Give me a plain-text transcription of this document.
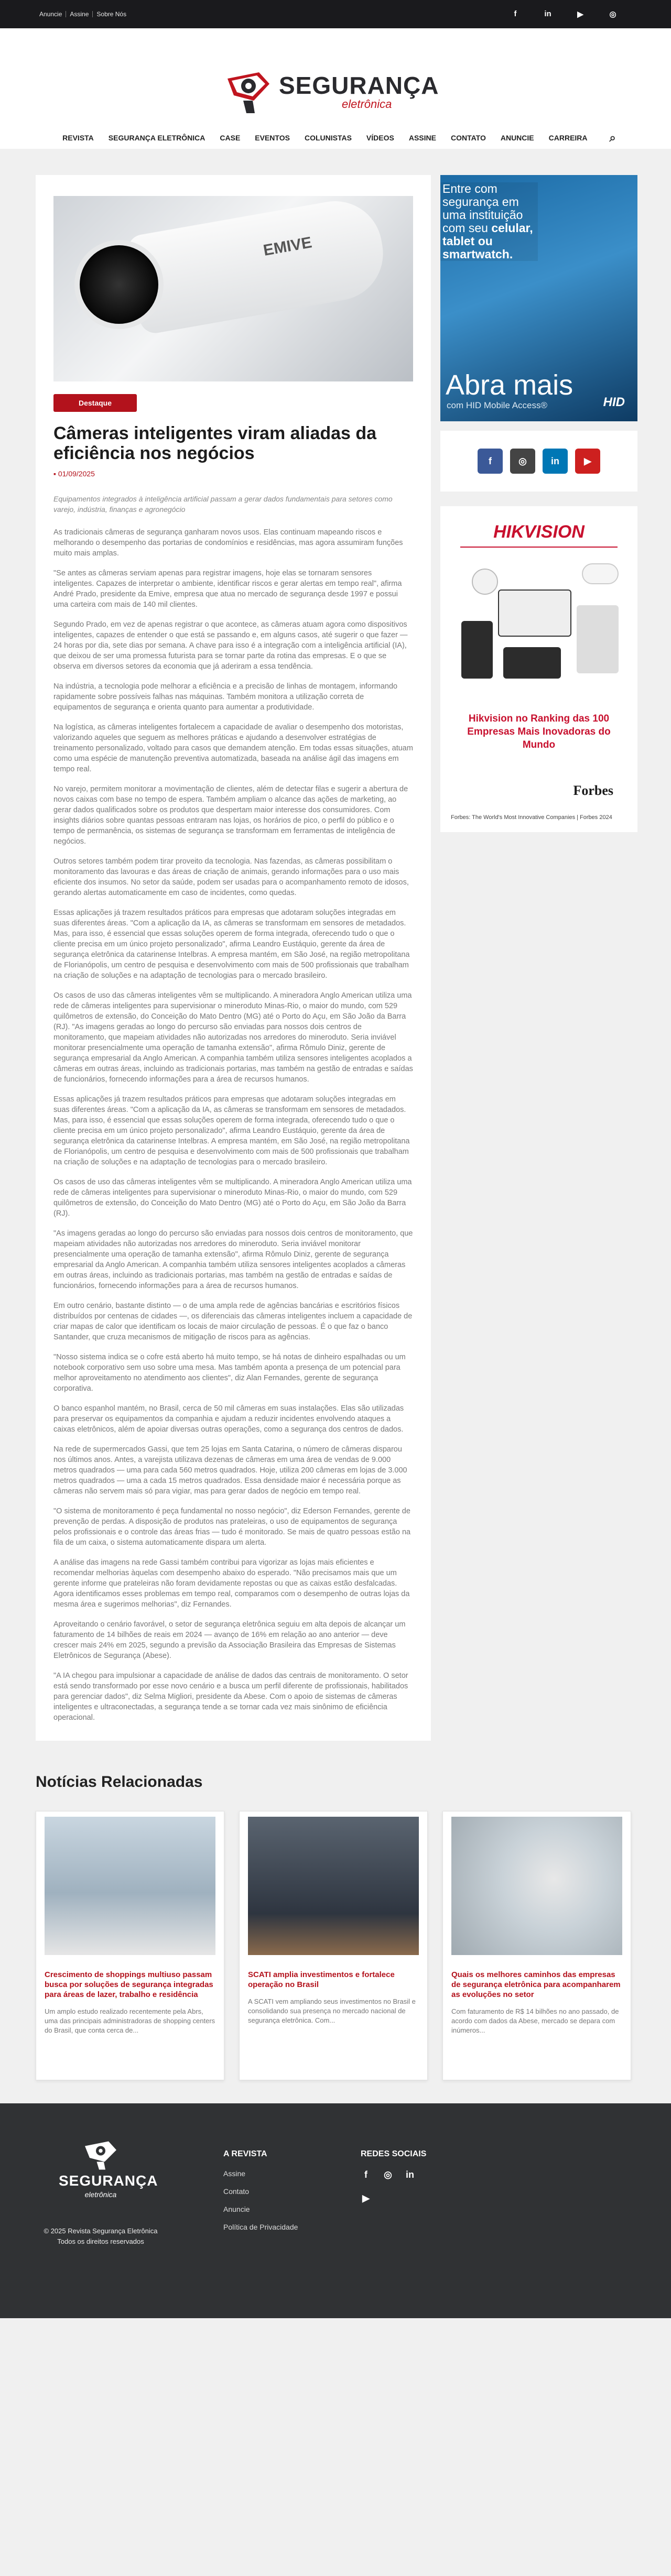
Anuncie	Assine	Sobre Nós	f	in	▶	◎
SEGURANÇA
eletrônica
REVISTA	SEGURANÇA ELETRÔNICA	CASE	EVENTOS	COLUNISTAS	VÍDEOS	ASSINE	CONTATO	ANUNCIE	CARREIRA	⌕
EMIVE
Destaque
Câmeras inteligentes viram aliadas da eficiência nos negócios
▪ 01/09/2025

Equipamentos integrados à inteligência artificial passam a gerar dados fundamentais para setores como varejo, indústria, finanças e agronegócio

As tradicionais câmeras de segurança ganharam novos usos. Elas continuam mapeando riscos e melhorando o desempenho das portarias de condomínios e residências, mas agora assumiram funções muito mais amplas.

"Se antes as câmeras serviam apenas para registrar imagens, hoje elas se tornaram sensores inteligentes. Capazes de interpretar o ambiente, identificar riscos e gerar alertas em tempo real", afirma André Prado, presidente da Emive, empresa que atua no mercado de segurança desde 1997 e possui uma carteira com mais de 140 mil clientes.

Segundo Prado, em vez de apenas registrar o que acontece, as câmeras atuam agora como dispositivos inteligentes, capazes de entender o que está se passando e, em alguns casos, até sugerir o que fazer — 24 horas por dia, sete dias por semana. A chave para isso é a integração com a inteligência artificial (IA), que deixou de ser uma promessa futurista para se tornar parte da rotina das empresas. E o que se observa em diversos setores da economia que já aderiram a essa tendência.

Na indústria, a tecnologia pode melhorar a eficiência e a precisão de linhas de montagem, informando rapidamente sobre possíveis falhas nas máquinas. Também monitora a utilização correta de equipamentos de segurança e orienta quanto para aumentar a produtividade.

Na logística, as câmeras inteligentes fortalecem a capacidade de avaliar o desempenho dos motoristas, valorizando aqueles que seguem as melhores práticas e ajudando a desenvolver estratégias de treinamento personalizado, voltado para casos que demandem atenção. Em todas essas situações, atuam como uma espécie de manutenção preventiva automatizada, baseada na análise ágil das imagens em tempo real.

No varejo, permitem monitorar a movimentação de clientes, além de detectar filas e sugerir a abertura de novos caixas com base no tempo de espera. Também ampliam o alcance das ações de marketing, ao gerar dados qualificados sobre os produtos que despertam maior interesse dos consumidores. Com insights diários sobre quantas pessoas entraram nas lojas, os horários de pico, o perfil do público e o tempo de permanência, os sistemas de segurança se transformam em ferramentas de inteligência de negócios.

Outros setores também podem tirar proveito da tecnologia. Nas fazendas, as câmeras possibilitam o monitoramento das lavouras e das áreas de criação de animais, gerando informações para o uso mais eficiente dos insumos. No setor da saúde, podem ser usadas para o acompanhamento remoto de idosos, gerando alertas automaticamente em caso de incidentes, como quedas.

Essas aplicações já trazem resultados práticos para empresas que adotaram soluções integradas em suas diferentes áreas. "Com a aplicação da IA, as câmeras se transformam em sensores de metadados. Mas, para isso, é essencial que essas soluções operem de forma integrada, oferecendo tudo o que o cliente precisa em um único projeto personalizado", afirma Leandro Eustáquio, gerente da área de segurança eletrônica da catarinense Intelbras. A empresa mantém, em São José, na região metropolitana de Florianópolis, um centro de pesquisa e desenvolvimento com mais de 500 profissionais que trabalham na criação de soluções e na adaptação de tecnologias para o mercado brasileiro.

Os casos de uso das câmeras inteligentes vêm se multiplicando. A mineradora Anglo American utiliza uma rede de câmeras inteligentes para supervisionar o mineroduto Minas-Rio, o maior do mundo, com 529 quilômetros de extensão, do Conceição do Mato Dentro (MG) até o Porto do Açu, em São João da Barra (RJ). "As imagens geradas ao longo do percurso são enviadas para nossos dois centros de monitoramento, que mapeiam atividades não autorizadas nos arredores do mineroduto. Seria inviável monitorar presencialmente uma operação de tamanha extensão", afirma Rômulo Diniz, gerente de segurança empresarial da Anglo American. A companhia também utiliza sensores inteligentes acoplados a câmeras em outras áreas, incluindo as tradicionais portarias, mas também na gestão de entradas e saídas de funcionários, fornecendo informações para a área de recursos humanos.

Essas aplicações já trazem resultados práticos para empresas que adotaram soluções integradas em suas diferentes áreas. "Com a aplicação da IA, as câmeras se transformam em sensores de metadados. Mas, para isso, é essencial que essas soluções operem de forma integrada, oferecendo tudo o que o cliente precisa em um único projeto personalizado", afirma Leandro Eustáquio, gerente da área de segurança eletrônica da catarinense Intelbras. A empresa mantém, em São José, na região metropolitana de Florianópolis, um centro de pesquisa e desenvolvimento com mais de 500 profissionais que trabalham na criação de soluções e na adaptação de tecnologias para o mercado brasileiro.

Os casos de uso das câmeras inteligentes vêm se multiplicando. A mineradora Anglo American utiliza uma rede de câmeras inteligentes para supervisionar o mineroduto Minas-Rio, o maior do mundo, com 529 quilômetros de extensão, do Conceição do Mato Dentro (MG) até o Porto do Açu, em São João da Barra (RJ).

"As imagens geradas ao longo do percurso são enviadas para nossos dois centros de monitoramento, que mapeiam atividades não autorizadas nos arredores do mineroduto. Seria inviável monitorar presencialmente uma operação de tamanha extensão", afirma Rômulo Diniz, gerente de segurança empresarial da Anglo American. A companhia também utiliza sensores inteligentes acoplados a câmeras em outras áreas, incluindo as tradicionais portarias, mas também na gestão de entradas e saídas de funcionários, fornecendo informações para a área de recursos humanos.

Em outro cenário, bastante distinto — o de uma ampla rede de agências bancárias e escritórios físicos distribuídos por centenas de cidades —, os diferenciais das câmeras inteligentes incluem a capacidade de criar mapas de calor que identificam os locais de maior circulação de pessoas. É o que faz o banco Santander, que cruza mecanismos de mitigação de riscos para as agências.

"Nosso sistema indica se o cofre está aberto há muito tempo, se há notas de dinheiro espalhadas ou um notebook corporativo sem uso sobre uma mesa. Mas também aponta a presença de um potencial para melhor aproveitamento no atendimento aos clientes", diz Alan Fernandes, gerente de segurança corporativa.

O banco espanhol mantém, no Brasil, cerca de 50 mil câmeras em suas instalações. Elas são utilizadas para preservar os equipamentos da companhia e ajudam a reduzir incidentes envolvendo ataques a caixas eletrônicos, além de apoiar diversas outras operações, como a segurança dos centros de dados.

Na rede de supermercados Gassi, que tem 25 lojas em Santa Catarina, o número de câmeras disparou nos últimos anos. Antes, a varejista utilizava dezenas de câmeras em uma área de vendas de 9.000 metros quadrados — uma para cada 560 metros quadrados. Hoje, utiliza 200 câmeras em lojas de 3.000 metros quadrados — uma a cada 15 metros quadrados. Essa densidade maior é necessária porque as câmeras não servem mais só para vigiar, mas para gerar dados de negócio em tempo real.

"O sistema de monitoramento é peça fundamental no nosso negócio", diz Ederson Fernandes, gerente de prevenção de perdas. A disposição de produtos nas prateleiras, o uso de equipamentos de segurança pelos profissionais e o controle das áreas frias — tudo é monitorado. Se mais de quatro pessoas estão na fila de um caixa, o sistema automaticamente dispara um alerta.

A análise das imagens na rede Gassi também contribui para vigorizar as lojas mais eficientes e recomendar melhorias àquelas com desempenho abaixo do esperado. "Não precisamos mais que um gerente informe que prateleiras não foram devidamente repostas ou que as caixas estão desfalcadas. Agora identificamos esses problemas em tempo real, comparamos com o desempenho de outras lojas da mesma área e sugerimos melhorias", diz Fernandes.

Aproveitando o cenário favorável, o setor de segurança eletrônica seguiu em alta depois de alcançar um faturamento de 14 bilhões de reais em 2024 — avanço de 16% em relação ao ano anterior — deve crescer mais 24% em 2025, segundo a previsão da Associação Brasileira das Empresas de Sistemas Eletrônicos de Segurança (Abese).

"A IA chegou para impulsionar a capacidade de análise de dados das centrais de monitoramento. O setor está sendo transformado por esse novo cenário e a busca um perfil diferente de profissionais, habilitados para gerenciar dados", diz Selma Migliori, presidente da Abese. Com o apoio de sistemas de câmeras inteligentes e ultraconectadas, a segurança tende a se tornar cada vez mais sinônimo de eficiência operacional.

Entre com segurança em uma instituição com seu celular, tablet ou smartwatch.
Abra mais
com HID Mobile Access®	HID
f	◎	in	▶
HIKVISION
Hikvision no Ranking das 100 Empresas Mais Inovadoras do Mundo
Forbes
Forbes: The World's Most Innovative Companies | Forbes 2024
Notícias Relacionadas
Crescimento de shoppings multiuso passam busca por soluções de segurança integradas para áreas de lazer, trabalho e residência
Um amplo estudo realizado recentemente pela Abrs, uma das principais administradoras de shopping centers do Brasil, que conta cerca de...
SCATI amplia investimentos e fortalece operação no Brasil
A SCATI vem ampliando seus investimentos no Brasil e consolidando sua presença no mercado nacional de segurança eletrônica. Com...
Quais os melhores caminhos das empresas de segurança eletrônica para acompanharem as evoluções no setor
Com faturamento de R$ 14 bilhões no ano passado, de acordo com dados da Abese, mercado se depara com inúmeros...
SEGURANÇA
eletrônica
© 2025 Revista Segurança Eletrônica
Todos os direitos reservados
A REVISTA
Assine
Contato
Anuncie
Política de Privacidade
REDES SOCIAIS
f	◎ in
▶
